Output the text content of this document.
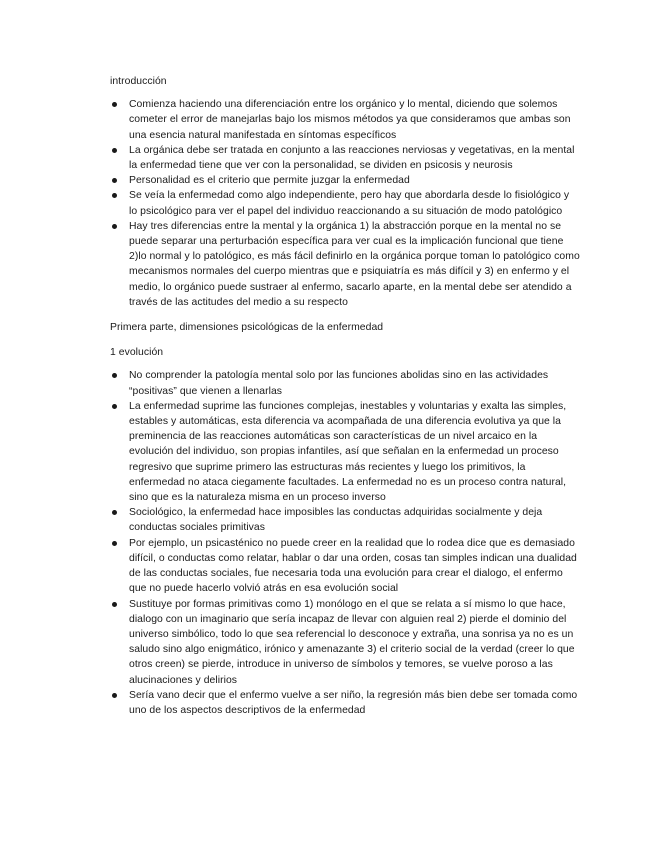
introducción
Comienza haciendo una diferenciación entre los orgánico y lo mental, diciendo que solemos cometer el error de manejarlas bajo los mismos métodos ya que consideramos que ambas son una esencia natural manifestada en síntomas específicos
La orgánica debe ser tratada en conjunto a las reacciones nerviosas y vegetativas, en la mental la enfermedad tiene que ver con la personalidad, se dividen en psicosis y neurosis
Personalidad es el criterio que permite juzgar la enfermedad
Se veía la enfermedad como algo independiente, pero hay que abordarla desde lo fisiológico y lo psicológico para ver el papel del individuo reaccionando a su situación de modo patológico
Hay tres diferencias entre la mental y la orgánica 1) la abstracción porque en la mental no se puede separar una perturbación específica para ver cual es la implicación funcional que tiene 2)lo normal y lo patológico, es más fácil definirlo en la orgánica porque toman lo patológico como mecanismos normales del cuerpo mientras que e psiquiatría es más difícil y 3) en enfermo y el medio, lo orgánico puede sustraer al enfermo, sacarlo aparte, en la mental debe ser atendido a través de las actitudes del medio a su respecto
Primera parte, dimensiones psicológicas de la enfermedad
1 evolución
No comprender la patología mental solo por las funciones abolidas sino en las actividades “positivas” que vienen a llenarlas
La enfermedad suprime las funciones complejas, inestables y voluntarias y exalta las simples, estables y automáticas, esta diferencia va acompañada de una diferencia evolutiva ya que la preminencia de las reacciones automáticas son características de un nivel arcaico en la evolución del individuo, son propias infantiles, así que señalan en la enfermedad un proceso regresivo que suprime primero las estructuras más recientes y luego los primitivos, la enfermedad no ataca ciegamente facultades. La enfermedad no es un proceso contra natural, sino que es la naturaleza misma en un proceso inverso
Sociológico, la enfermedad hace imposibles las conductas adquiridas socialmente y deja conductas sociales primitivas
Por ejemplo, un psicasténico no puede creer en la realidad que lo rodea dice que es demasiado difícil, o conductas como relatar, hablar o dar una orden, cosas tan simples indican una dualidad de las conductas sociales, fue necesaria toda una evolución para crear el dialogo, el enfermo que no puede hacerlo volvió atrás en esa evolución social
Sustituye por formas primitivas como 1) monólogo en el que se relata a sí mismo lo que hace, dialogo con un imaginario que sería incapaz de llevar con alguien real 2) pierde el dominio del universo simbólico, todo lo que sea referencial lo desconoce y extraña, una sonrisa ya no es un saludo sino algo enigmático, irónico y amenazante 3) el criterio social de la verdad (creer lo que otros creen) se pierde, introduce in universo de símbolos y temores, se vuelve poroso a las alucinaciones y delirios
Sería vano decir que el enfermo vuelve a ser niño, la regresión más bien debe ser tomada como uno de los aspectos descriptivos de la enfermedad
